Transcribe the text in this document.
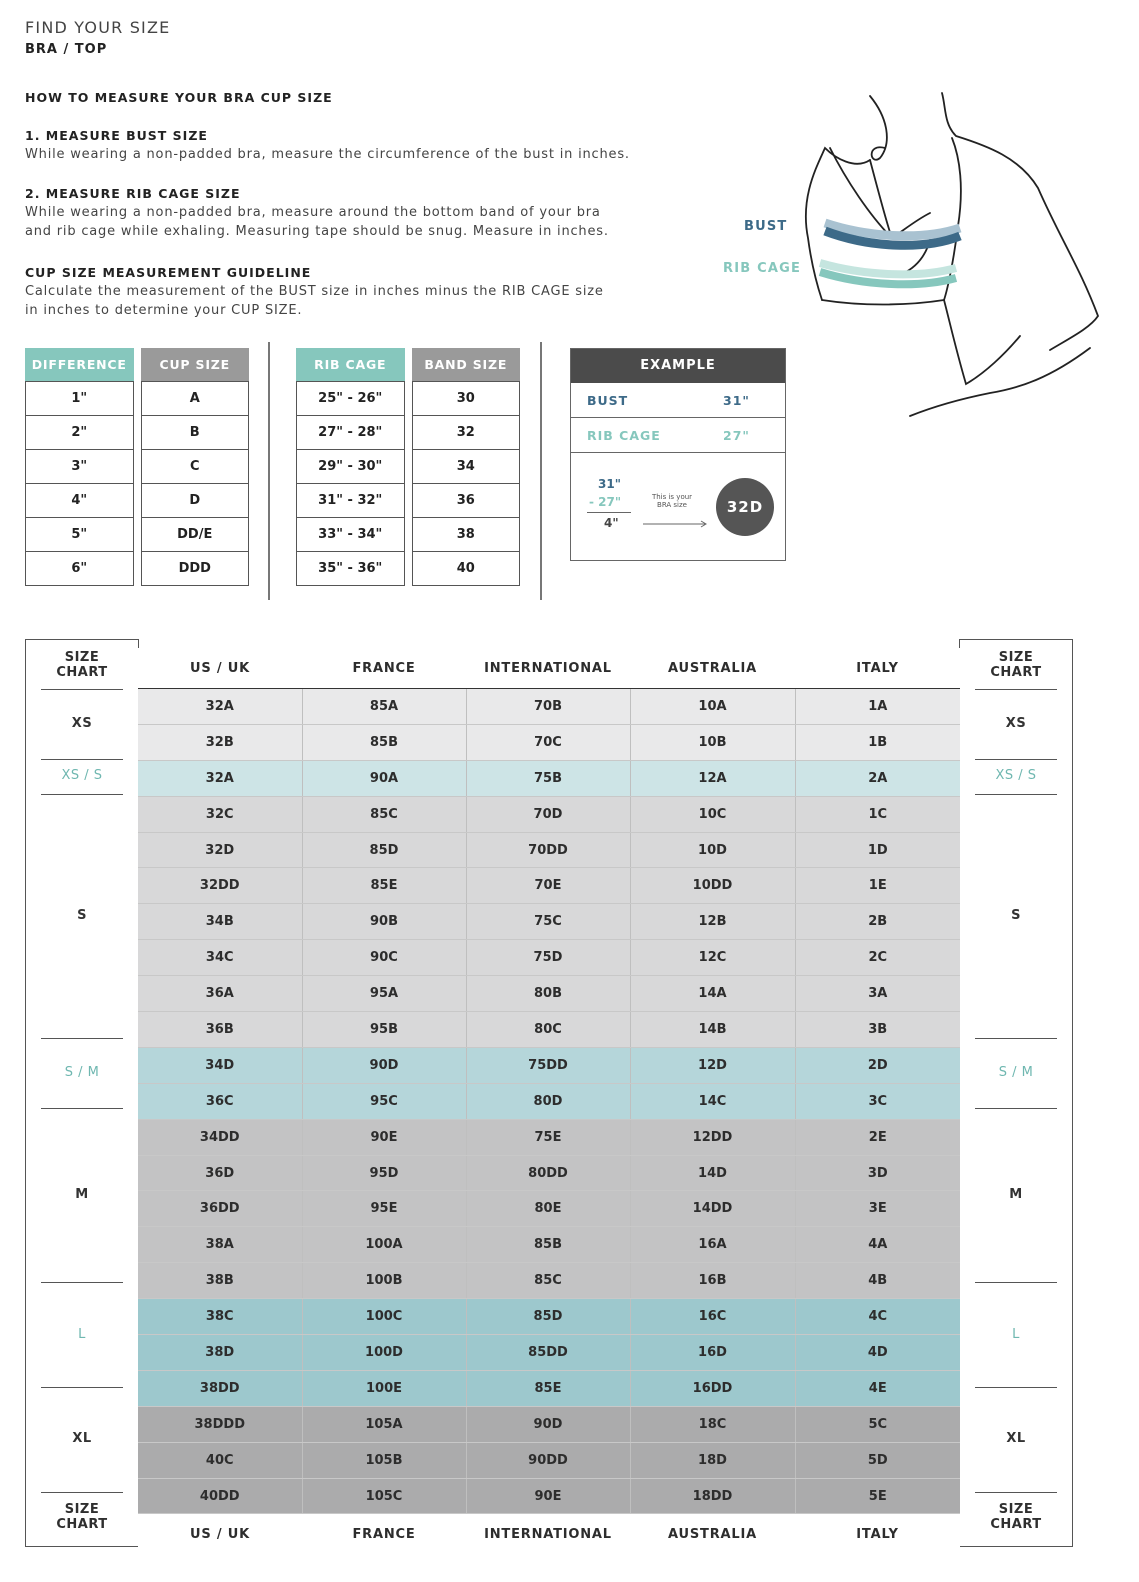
FIND YOUR SIZE
BRA / TOP
HOW TO MEASURE YOUR BRA CUP SIZE
1. MEASURE BUST SIZE
While wearing a non-padded bra, measure the circumference of the bust in inches.
2. MEASURE RIB CAGE SIZE
While wearing a non-padded bra, measure around the bottom band of your bra
and rib cage while exhaling. Measuring tape should be snug. Measure in inches.
CUP SIZE MEASUREMENT GUIDELINE
Calculate the measurement of the BUST size in inches minus the RIB CAGE size
in inches to determine your CUP SIZE.
BUST
RIB CAGE
DIFFERENCE	CUP SIZE
1"	A
2"	B
3"	C
4"	D
5"	DD/E
6"	DDD
RIB CAGE	BAND SIZE
25" - 26"	30
27" - 28"	32
29" - 30"	34
31" - 32"	36
33" - 34"	38
35" - 36"	40
EXAMPLE
BUST	31"
RIB CAGE	27"
31"
- 27"
4"
This is your
BRA size	32D
SIZE
CHART
XS
XS / S
S
S / M
M
L
XL
SIZE
CHART
SIZE
CHART
XS
XS / S
S
S / M
M
L
XL
SIZE
CHART
US / UK	FRANCE	INTERNATIONAL	AUSTRALIA	ITALY
32A	85A	70B	10A	1A
32B	85B	70C	10B	1B
32A	90A	75B	12A	2A
32C	85C	70D	10C	1C
32D	85D	70DD	10D	1D
32DD	85E	70E	10DD	1E
34B	90B	75C	12B	2B
34C	90C	75D	12C	2C
36A	95A	80B	14A	3A
36B	95B	80C	14B	3B
34D	90D	75DD	12D	2D
36C	95C	80D	14C	3C
34DD	90E	75E	12DD	2E
36D	95D	80DD	14D	3D
36DD	95E	80E	14DD	3E
38A	100A	85B	16A	4A
38B	100B	85C	16B	4B
38C	100C	85D	16C	4C
38D	100D	85DD	16D	4D
38DD	100E	85E	16DD	4E
38DDD	105A	90D	18C	5C
40C	105B	90DD	18D	5D
40DD	105C	90E	18DD	5E
US / UK	FRANCE	INTERNATIONAL	AUSTRALIA	ITALY
